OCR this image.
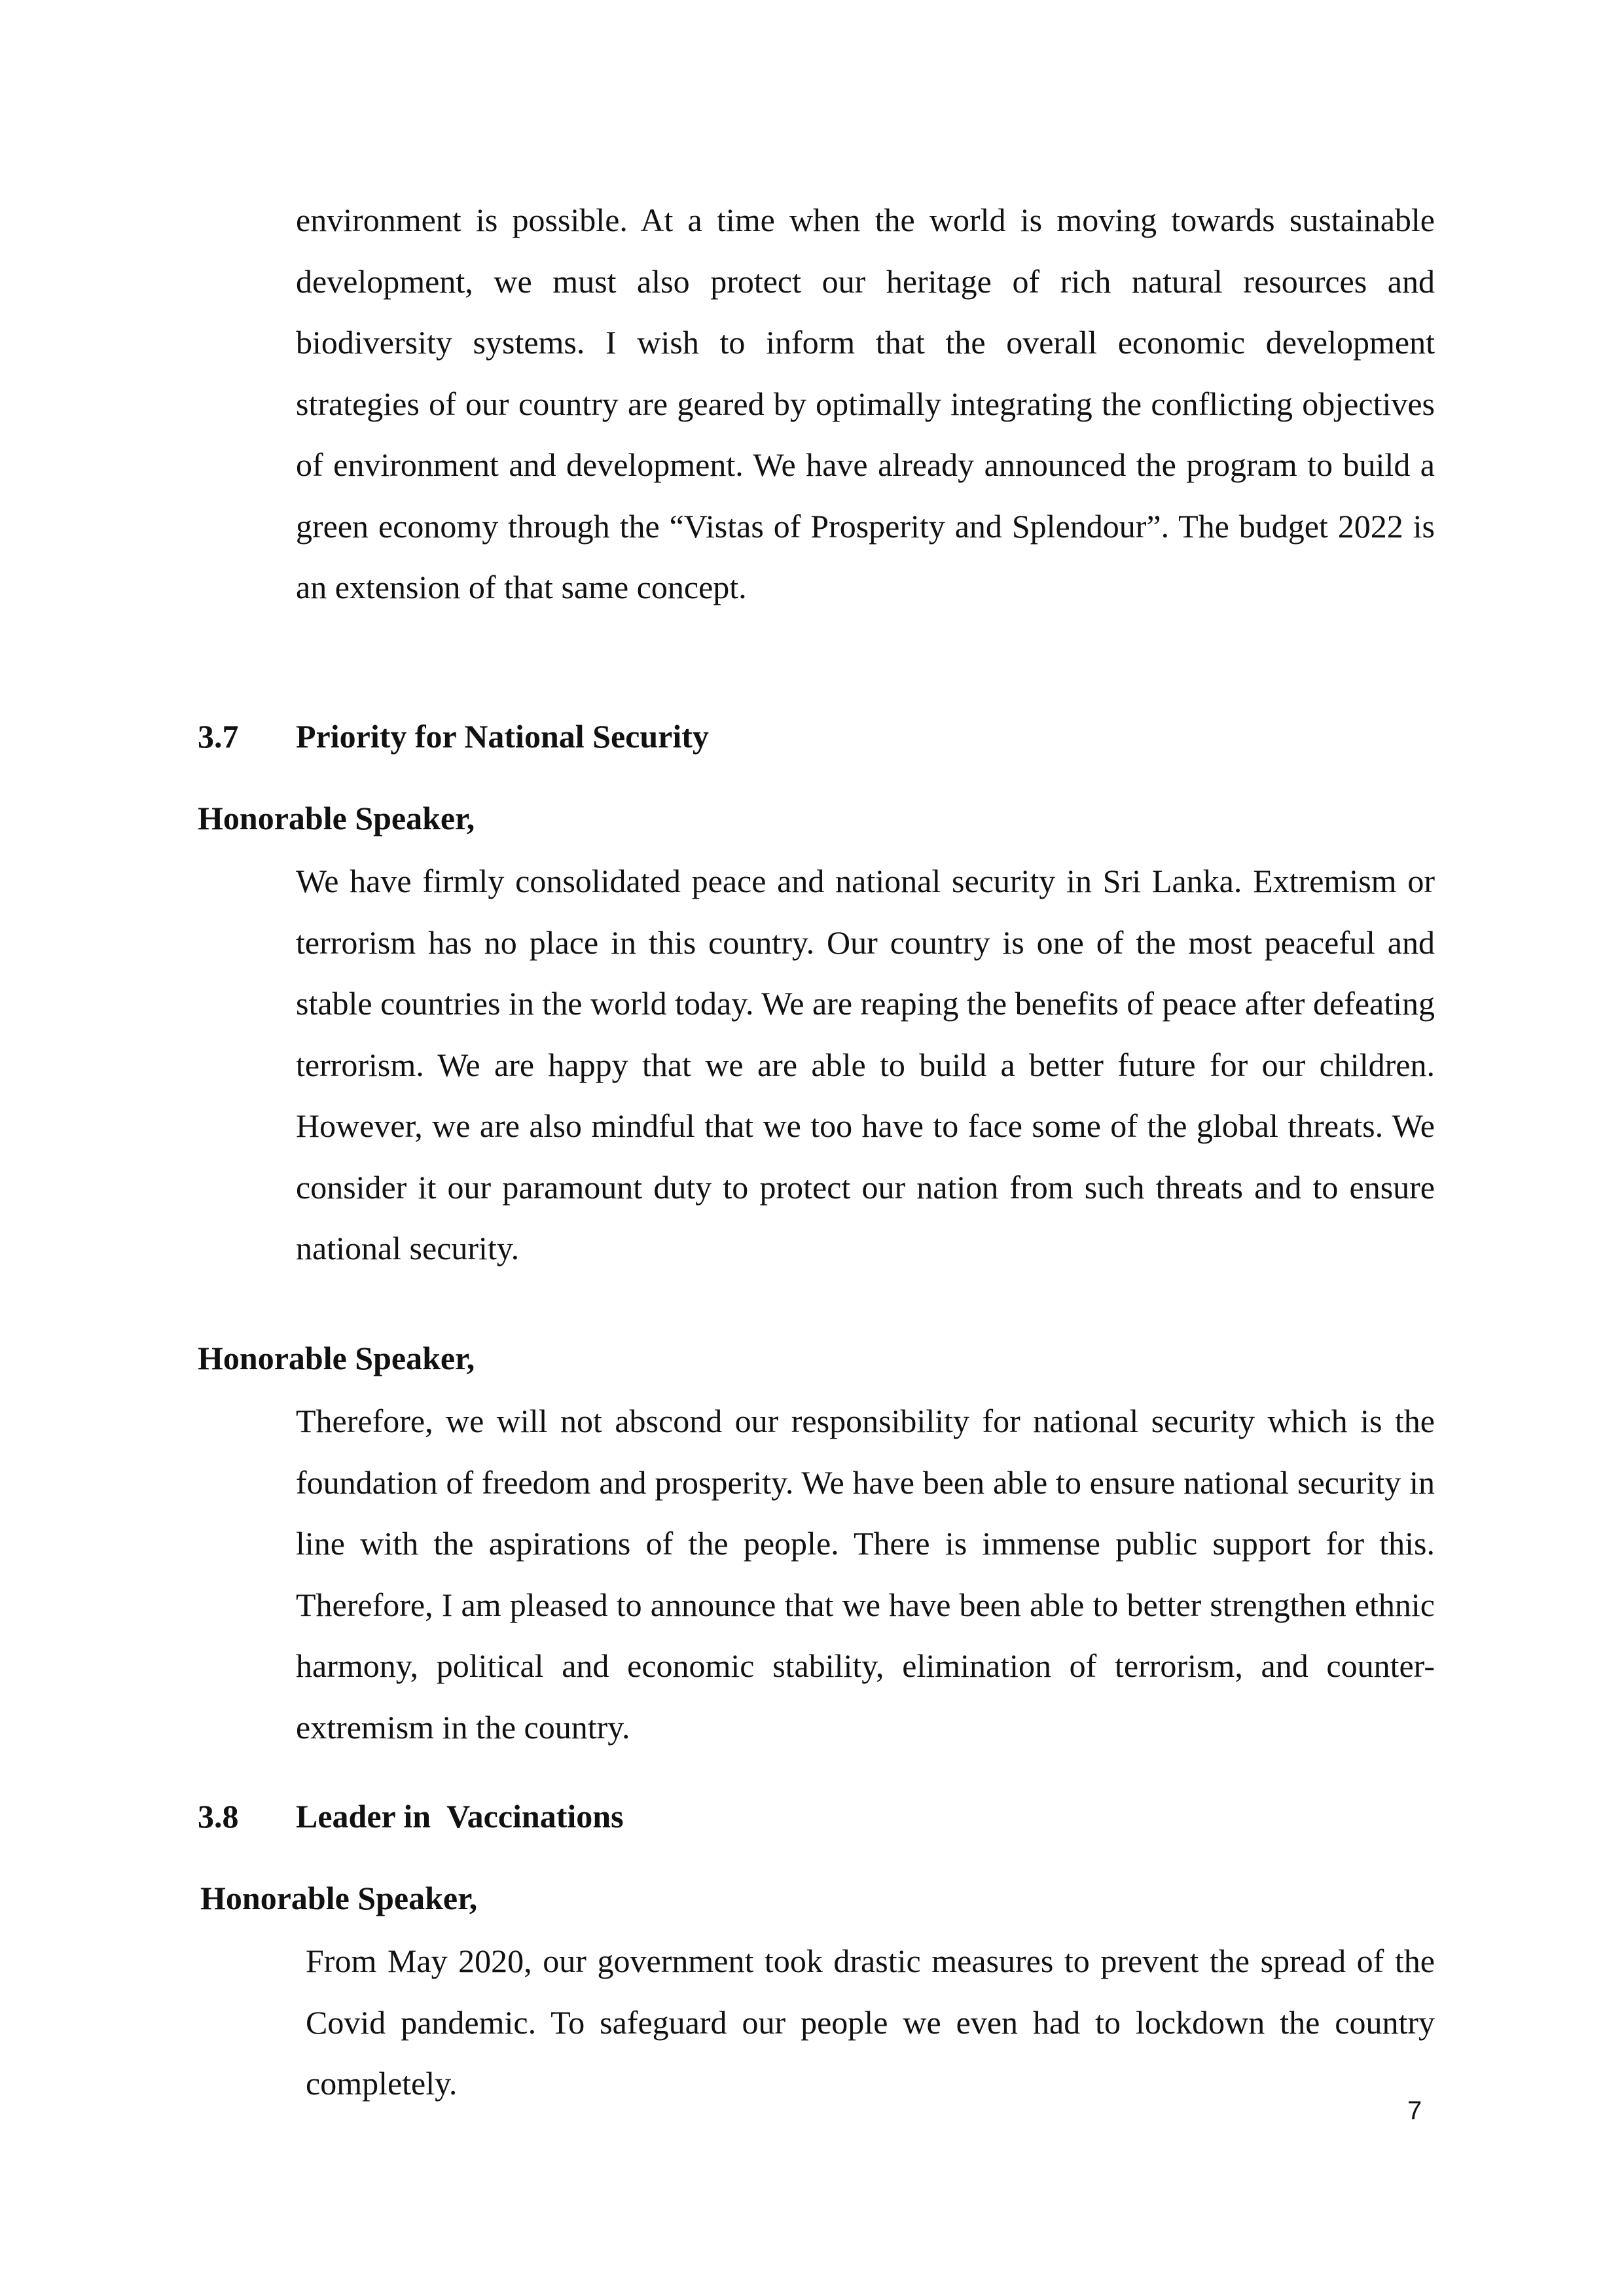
environment is possible. At a time when the world is moving towards sustainable development, we must also protect our heritage of rich natural resources and biodiversity systems. I wish to inform that the overall economic development strategies of our country are geared by optimally integrating the conflicting objectives of environment and development. We have already announced the program to build a green economy through the “Vistas of Prosperity and Splendour”. The budget 2022 is an extension of that same concept.

3.7 Priority for National Security
Honorable Speaker,

We have firmly consolidated peace and national security in Sri Lanka. Extremism or terrorism has no place in this country. Our country is one of the most peaceful and stable countries in the world today. We are reaping the benefits of peace after defeating terrorism. We are happy that we are able to build a better future for our children. However, we are also mindful that we too have to face some of the global threats. We consider it our paramount duty to protect our nation from such threats and to ensure national security.

Honorable Speaker,

Therefore, we will not abscond our responsibility for national security which is the foundation of freedom and prosperity. We have been able to ensure national security in line with the aspirations of the people. There is immense public support for this. Therefore, I am pleased to announce that we have been able to better strengthen ethnic harmony, political and economic stability, elimination of terrorism, and counter-extremism in the country.

3.8 Leader in  Vaccinations
Honorable Speaker,

From May 2020, our government took drastic measures to prevent the spread of the Covid pandemic. To safeguard our people we even had to lockdown the country completely.

7
